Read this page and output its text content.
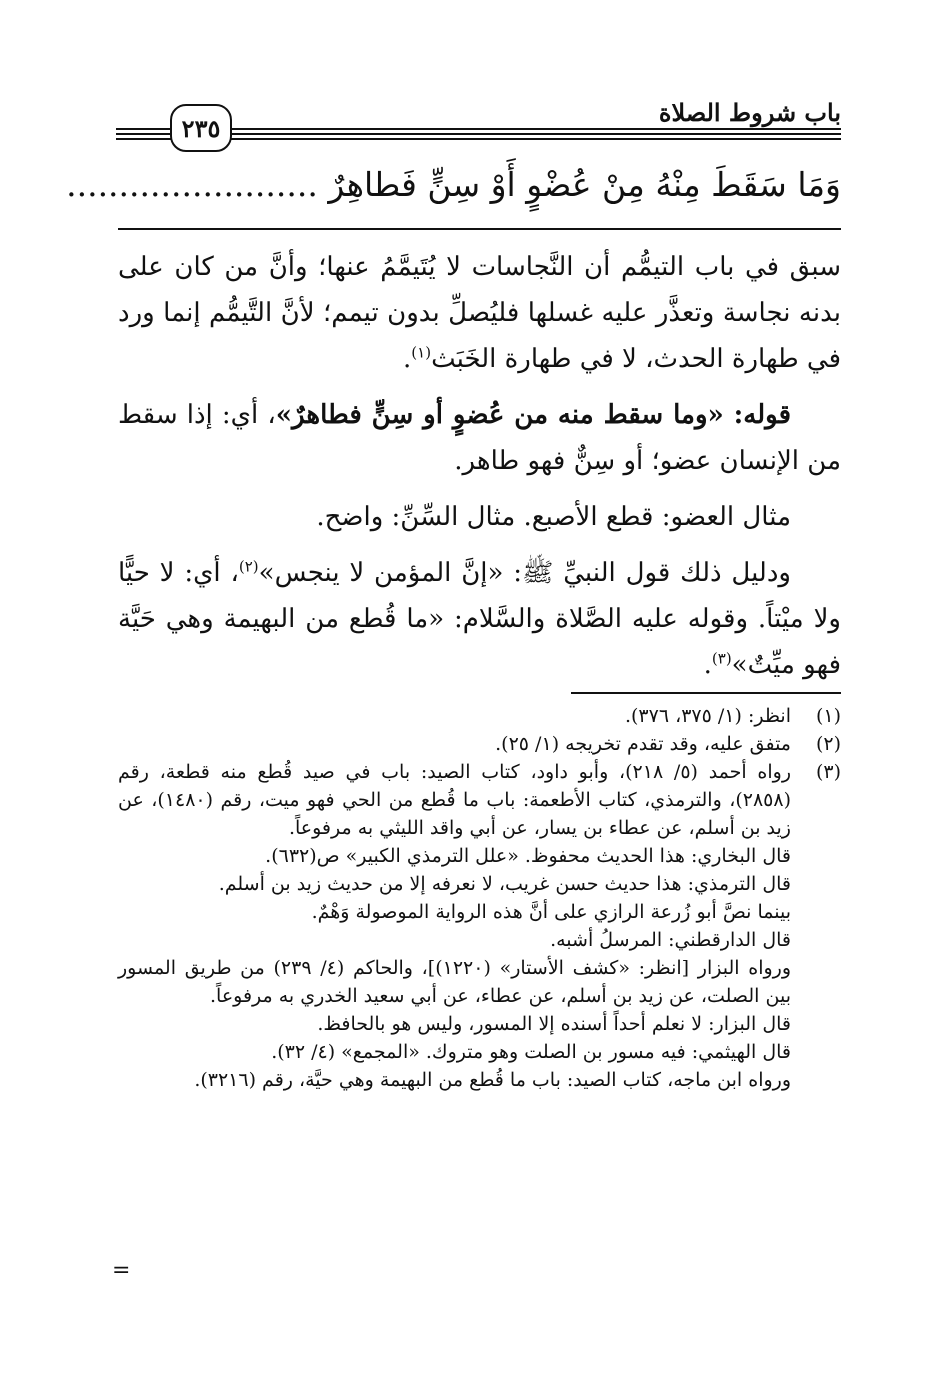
باب شروط الصلاة
٢٣٥
وَمَا سَقَطَ مِنْهُ مِنْ عُضْوٍ أَوْ سِنٍّ فَطاهِرٌ ........................

سبق في باب التيمُّم أن النَّجاسات لا يُتَيمَّمُ عنها؛ وأنَّ من كان على بدنه نجاسة وتعذَّر عليه غسلها فليُصلِّ بدون تيمم؛ لأنَّ التَّيمُّم إنما ورد في طهارة الحدث، لا في طهارة الخَبَث$^{(١)}$.

قوله: «وما سقط منه من عُضوٍ أو سِنٍّ فطاهرٌ»، أي: إذا سقط من الإنسان عضو؛ أو سِنٌّ فهو طاهر.

مثال العضو: قطع الأصبع. مثال السِّنِّ: واضح.

ودليل ذلك قول النبيِّ ﷺ: «إنَّ المؤمن لا ينجس»$^{(٢)}$، أي: لا حيًّا ولا ميْتاً. وقوله عليه الصَّلاة والسَّلام: «ما قُطع من البهيمة وهي حَيَّة فهو ميِّتٌ»$^{(٣)}$.

(١)

انظر: (١/ ٣٧٥، ٣٧٦).

(٢)

متفق عليه، وقد تقدم تخريجه (١/ ٢٥).

(٣)

رواه أحمد (٥/ ٢١٨)، وأبو داود، كتاب الصيد: باب في صيد قُطع منه قطعة، رقم (٢٨٥٨)، والترمذي، كتاب الأطعمة: باب ما قُطع من الحي فهو ميت، رقم (١٤٨٠)، عن زيد بن أسلم، عن عطاء بن يسار، عن أبي واقد الليثي به مرفوعاً.

قال البخاري: هذا الحديث محفوظ. «علل الترمذي الكبير» ص(٦٣٢).

قال الترمذي: هذا حديث حسن غريب، لا نعرفه إلا من حديث زيد بن أسلم.

بينما نصَّ أبو زُرعة الرازي على أنَّ هذه الرواية الموصولة وَهْمٌ.

قال الدارقطني: المرسلُ أشبه.

ورواه البزار [انظر: «كشف الأستار» (١٢٢٠)]، والحاكم (٤/ ٢٣٩) من طريق المسور بين الصلت، عن زيد بن أسلم، عن عطاء، عن أبي سعيد الخدري به مرفوعاً.

قال البزار: لا نعلم أحداً أسنده إلا المسور، وليس هو بالحافظ.

قال الهيثمي: فيه مسور بن الصلت وهو متروك. «المجمع» (٤/ ٣٢).

ورواه ابن ماجه، كتاب الصيد: باب ما قُطع من البهيمة وهي حيَّة، رقم (٣٢١٦).

=
